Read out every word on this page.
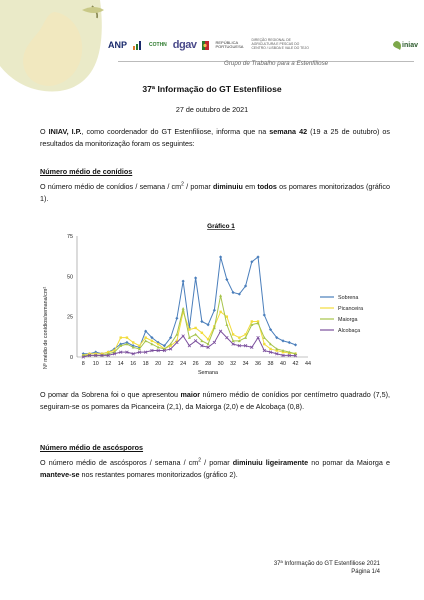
ANP	COTHN dgav	REPÚBLICA PORTUGUESA
DIREÇÃO REGIONAL DE AGRICULTURA E PESCAS DO CENTRO / LISBOA E VALE DO TEJO	iniav
Grupo de Trabalho para a Estenfiliose
37ª Informação do GT Estenfiliose
27 de outubro de 2021
O INIAV, I.P., como coordenador do GT Estenfiliose, informa que na semana 42 (19 a 25 de outubro) os resultados da monitorização foram os seguintes:
Número médio de conídios
O número médio de conídios / semana / $cm^2$ / pomar diminuiu em todos os pomares monitorizados (gráfico 1).
Gráfico 1
Nº médio de conídios/semana/cm²
Semana
0
25
50
75
8 10 12 14 16 18 20 22 24 26 28 30 32 34 36 38 40 42 44
Sobrena
Picanceira
Maiorga
Alcobaça
O pomar da Sobrena foi o que apresentou maior número médio de conídios por centímetro quadrado (7,5), seguiram-se os pomares da Picanceira (2,1), da Maiorga (2,0) e de Alcobaça (0,8).
Número médio de ascósporos
O número médio de ascósporos / semana / $cm^2$ / pomar diminuiu ligeiramente no pomar da Maiorga e manteve-se nos restantes pomares monitorizados (gráfico 2).
37ª Informação do GT Estenfiliose 2021
Página 1/4
